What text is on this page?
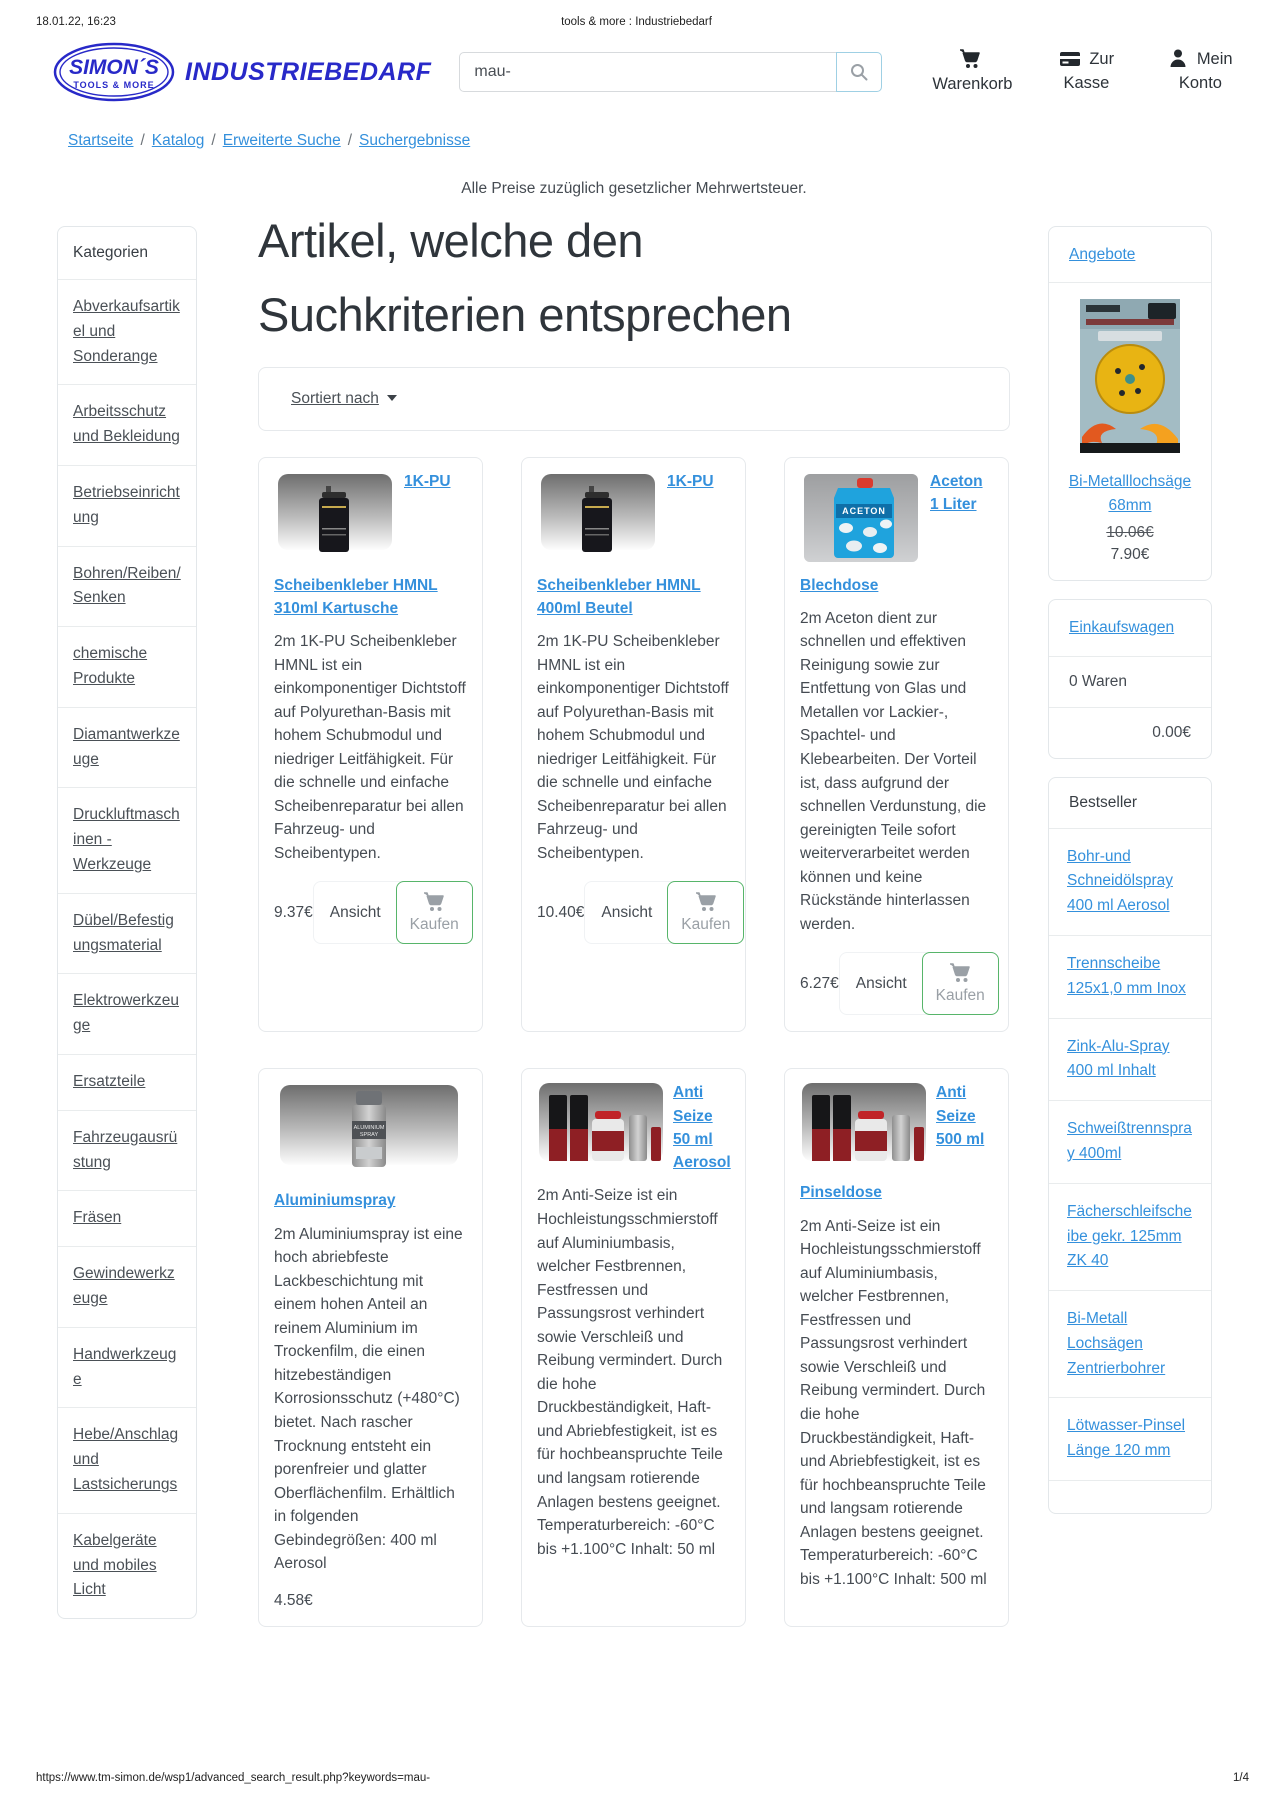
18.01.22, 16:23	tools & more : Industriebedarf
SIMON´S
TOOLS & MORE INDUSTRIEBEDARF
mau-	Warenkorb
Zur Kasse
Mein Konto
Startseite / Katalog / Erweiterte Suche / Suchergebnisse
Alle Preise zuzüglich gesetzlicher Mehrwertsteuer.
Kategorien
Abverkaufsartikel und Sonderange
Arbeitsschutz und Bekleidung
Betriebseinrichtung
Bohren/Reiben/Senken
chemische Produkte
Diamantwerkzeuge
Druckluftmaschinen - Werkzeuge
Dübel/Befestigungsmaterial
Elektrowerkzeuge
Ersatzteile
Fahrzeugausrüstung
Fräsen
Gewindewerkzeuge
Handwerkzeuge
Hebe/Anschlag und Lastsicherungs
Kabelgeräte und mobiles Licht
Artikel, welche den Suchkriterien entsprechen
Sortiert nach
1K-PU
Scheibenkleber HMNL 310ml Kartusche
2m 1K-PU Scheibenkleber HMNL ist ein einkomponentiger Dichtstoff auf Polyurethan-Basis mit hohem Schubmodul und niedriger Leitfähigkeit. Für die schnelle und einfache Scheibenreparatur bei allen Fahrzeug- und Scheibentypen.
9.37€	Ansicht
Kaufen
1K-PU
Scheibenkleber HMNL 400ml Beutel
2m 1K-PU Scheibenkleber HMNL ist ein einkomponentiger Dichtstoff auf Polyurethan-Basis mit hohem Schubmodul und niedriger Leitfähigkeit. Für die schnelle und einfache Scheibenreparatur bei allen Fahrzeug- und Scheibentypen.
10.40€	Ansicht
Kaufen
ACETON
Aceton 1 Liter
Blechdose
2m Aceton dient zur schnellen und effektiven Reinigung sowie zur Entfettung von Glas und Metallen vor Lackier-, Spachtel- und Klebearbeiten. Der Vorteil ist, dass aufgrund der schnellen Verdunstung, die gereinigten Teile sofort weiterverarbeitet werden können und keine Rückstände hinterlassen werden.
6.27€	Ansicht
Kaufen
ALUMINIUM
SPRAY
Aluminiumspray
2m Aluminiumspray ist eine hoch abriebfeste Lackbeschichtung mit einem hohen Anteil an reinem Aluminium im Trockenfilm, die einen hitzebeständigen Korrosionsschutz (+480°C) bietet. Nach rascher Trocknung entsteht ein porenfreier und glatter Oberflächenfilm. Erhältlich in folgenden Gebindegrößen: 400 ml Aerosol
4.58€
Anti Seize 50 ml Aerosol
2m Anti-Seize ist ein Hochleistungsschmierstoff auf Aluminiumbasis, welcher Festbrennen, Festfressen und Passungsrost verhindert sowie Verschleiß und Reibung vermindert. Durch die hohe Druckbeständigkeit, Haft- und Abriebfestigkeit, ist es für hochbeanspruchte Teile und langsam rotierende Anlagen bestens geeignet. Temperaturbereich: -60°C bis +1.100°C Inhalt: 50 ml
Anti Seize 500 ml
Pinseldose
2m Anti-Seize ist ein Hochleistungsschmierstoff auf Aluminiumbasis, welcher Festbrennen, Festfressen und Passungsrost verhindert sowie Verschleiß und Reibung vermindert. Durch die hohe Druckbeständigkeit, Haft- und Abriebfestigkeit, ist es für hochbeanspruchte Teile und langsam rotierende Anlagen bestens geeignet. Temperaturbereich: -60°C bis +1.100°C Inhalt: 500 ml
Angebote
Bi-Metalllochsäge 68mm
10.06€
7.90€
Einkaufswagen
0 Waren
0.00€
Bestseller
Bohr-und Schneidölspray 400 ml Aerosol
Trennscheibe 125x1,0 mm Inox
Zink-Alu-Spray 400 ml Inhalt
Schweißtrennspray 400ml
Fächerschleifscheibe gekr. 125mm ZK 40
Bi-Metall Lochsägen Zentrierbohrer
Lötwasser-Pinsel Länge 120 mm
https://www.tm-simon.de/wsp1/advanced_search_result.php?keywords=mau-	1/4
